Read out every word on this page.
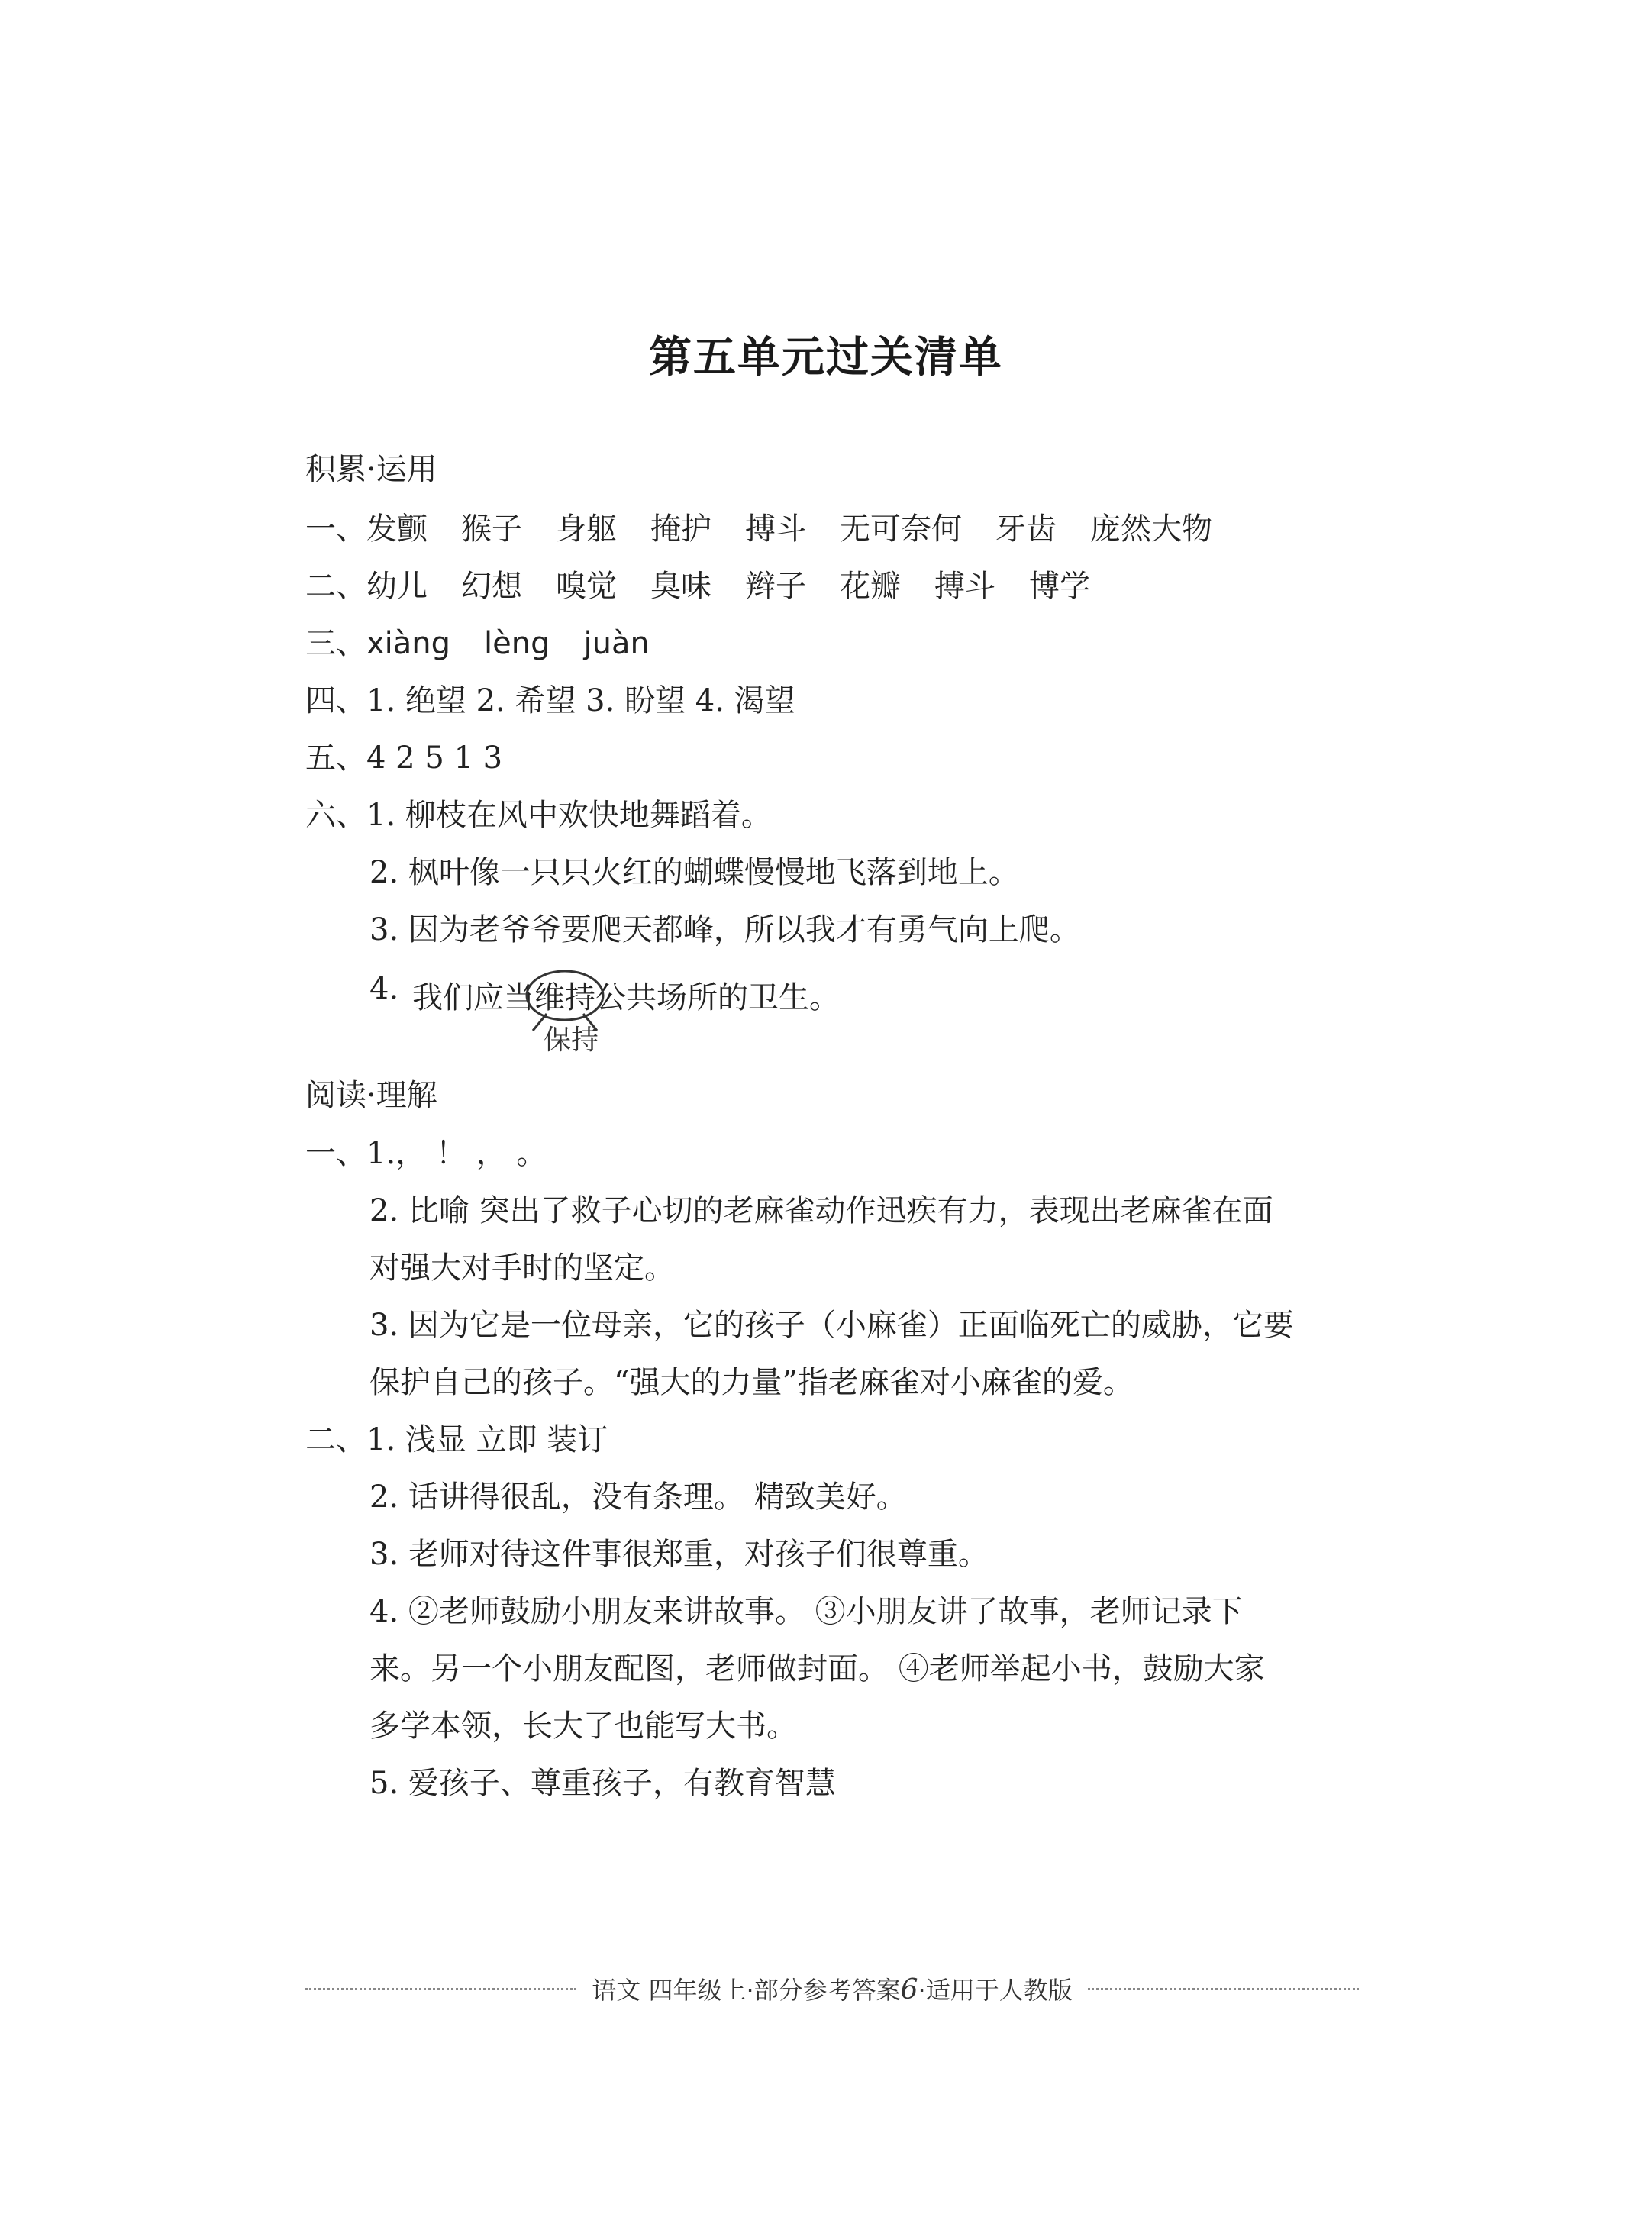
第五单元过关清单
积累·运用
一、发颤 猴子 身躯 掩护 搏斗 无可奈何 牙齿 庞然大物
二、幼儿 幻想 嗅觉 臭味 辫子 花瓣 搏斗 博学
三、xiàng lèng juàn
四、1. 绝望 2. 希望 3. 盼望 4. 渴望
五、4 2 5 1 3
六、1. 柳枝在风中欢快地舞蹈着。
2. 枫叶像一只只火红的蝴蝶慢慢地飞落到地上。
3. 因为老爷爷要爬天都峰，所以我才有勇气向上爬。
4. 我们应当维持
公共场所的卫生。
保持
阅读·理解
一、1.， ！ ， 。
2. 比喻 突出了救子心切的老麻雀动作迅疾有力，表现出老麻雀在面
对强大对手时的坚定。
3. 因为它是一位母亲，它的孩子（小麻雀）正面临死亡的威胁，它要
保护自己的孩子。“强大的力量”指老麻雀对小麻雀的爱。
二、1. 浅显 立即 装订
2. 话讲得很乱，没有条理。 精致美好。
3. 老师对待这件事很郑重，对孩子们很尊重。
4. ②老师鼓励小朋友来讲故事。 ③小朋友讲了故事，老师记录下
来。另一个小朋友配图，老师做封面。 ④老师举起小书，鼓励大家
多学本领，长大了也能写大书。
5. 爱孩子、尊重孩子，有教育智慧
语文 四年级上·部分参考答案6·适用于人教版
